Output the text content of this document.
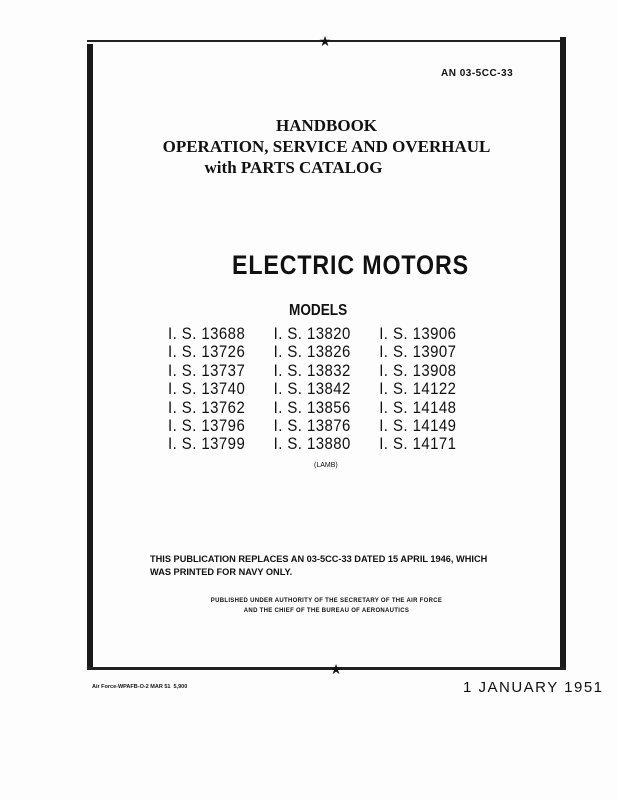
★
★
AN 03-5CC-33
HANDBOOK
OPERATION, SERVICE AND OVERHAUL
with PARTS CATALOG
ELECTRIC MOTORS
MODELS
I. S. 13688	I. S. 13820	I. S. 13906
I. S. 13726	I. S. 13826	I. S. 13907
I. S. 13737	I. S. 13832	I. S. 13908
I. S. 13740	I. S. 13842	I. S. 14122
I. S. 13762	I. S. 13856	I. S. 14148
I. S. 13796	I. S. 13876	I. S. 14149
I. S. 13799	I. S. 13880	I. S. 14171
(LAMB)
THIS PUBLICATION REPLACES AN 03-5CC-33 DATED 15 APRIL 1946, WHICH
WAS PRINTED FOR NAVY ONLY.
PUBLISHED UNDER AUTHORITY OF THE SECRETARY OF THE AIR FORCE
AND THE CHIEF OF THE BUREAU OF AERONAUTICS
Air Force-WPAFB-O-2 MAR 51  5,900	1 JANUARY 1951
